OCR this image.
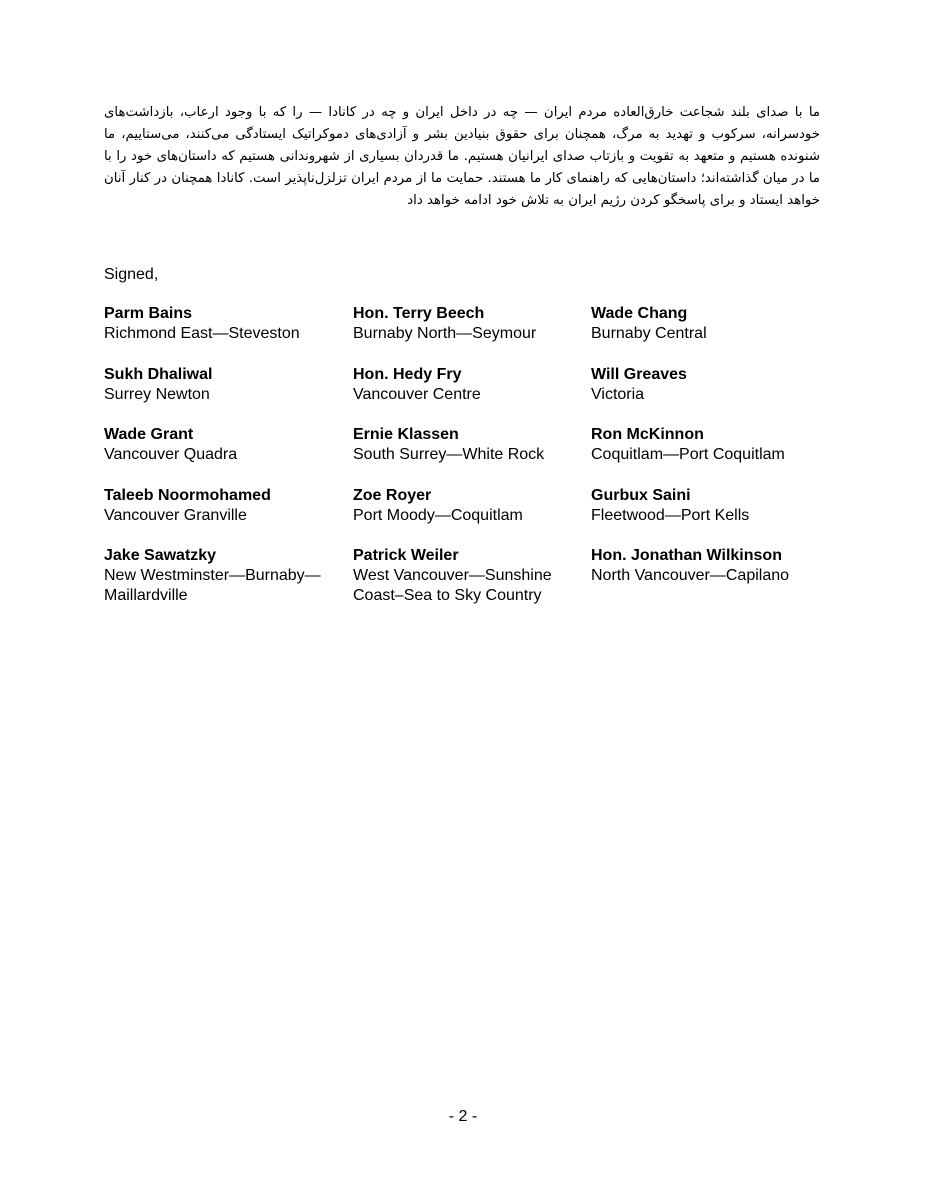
ما با صدای بلند شجاعت خارق‌العاده مردم ایران — چه در داخل ایران و چه در کانادا — را که با وجود ارعاب، بازداشت‌های خودسرانه، سرکوب و تهدید به مرگ، همچنان برای حقوق بنیادین بشر و آزادی‌های دموکراتیک ایستادگی می‌کنند، می‌ستاییم، ما شنونده هستیم و متعهد به تقویت و بازتاب صدای ایرانیان هستیم. ما قدردان بسیاری از شهروندانی هستیم که داستان‌های خود را با ما در میان گذاشته‌اند؛ داستان‌هایی که راهنمای کار ما هستند. حمایت ما از مردم ایران تزلزل‌ناپذیر است. کانادا همچنان در کنار آنان خواهد ایستاد و برای پاسخگو کردن رژیم ایران به تلاش خود ادامه خواهد داد

Signed,

Parm Bains
Richmond East—Steveston
Hon. Terry Beech
Burnaby North—Seymour
Wade Chang
Burnaby Central
Sukh Dhaliwal
Surrey Newton
Hon. Hedy Fry
Vancouver Centre
Will Greaves
Victoria
Wade Grant
Vancouver Quadra
Ernie Klassen
South Surrey—White Rock
Ron McKinnon
Coquitlam—Port Coquitlam
Taleeb Noormohamed
Vancouver Granville
Zoe Royer
Port Moody—Coquitlam
Gurbux Saini
Fleetwood—Port Kells
Jake Sawatzky
New Westminster—Burnaby—Maillardville
Patrick Weiler
West Vancouver—Sunshine Coast–Sea to Sky Country
Hon. Jonathan Wilkinson
North Vancouver—Capilano
- 2 -
